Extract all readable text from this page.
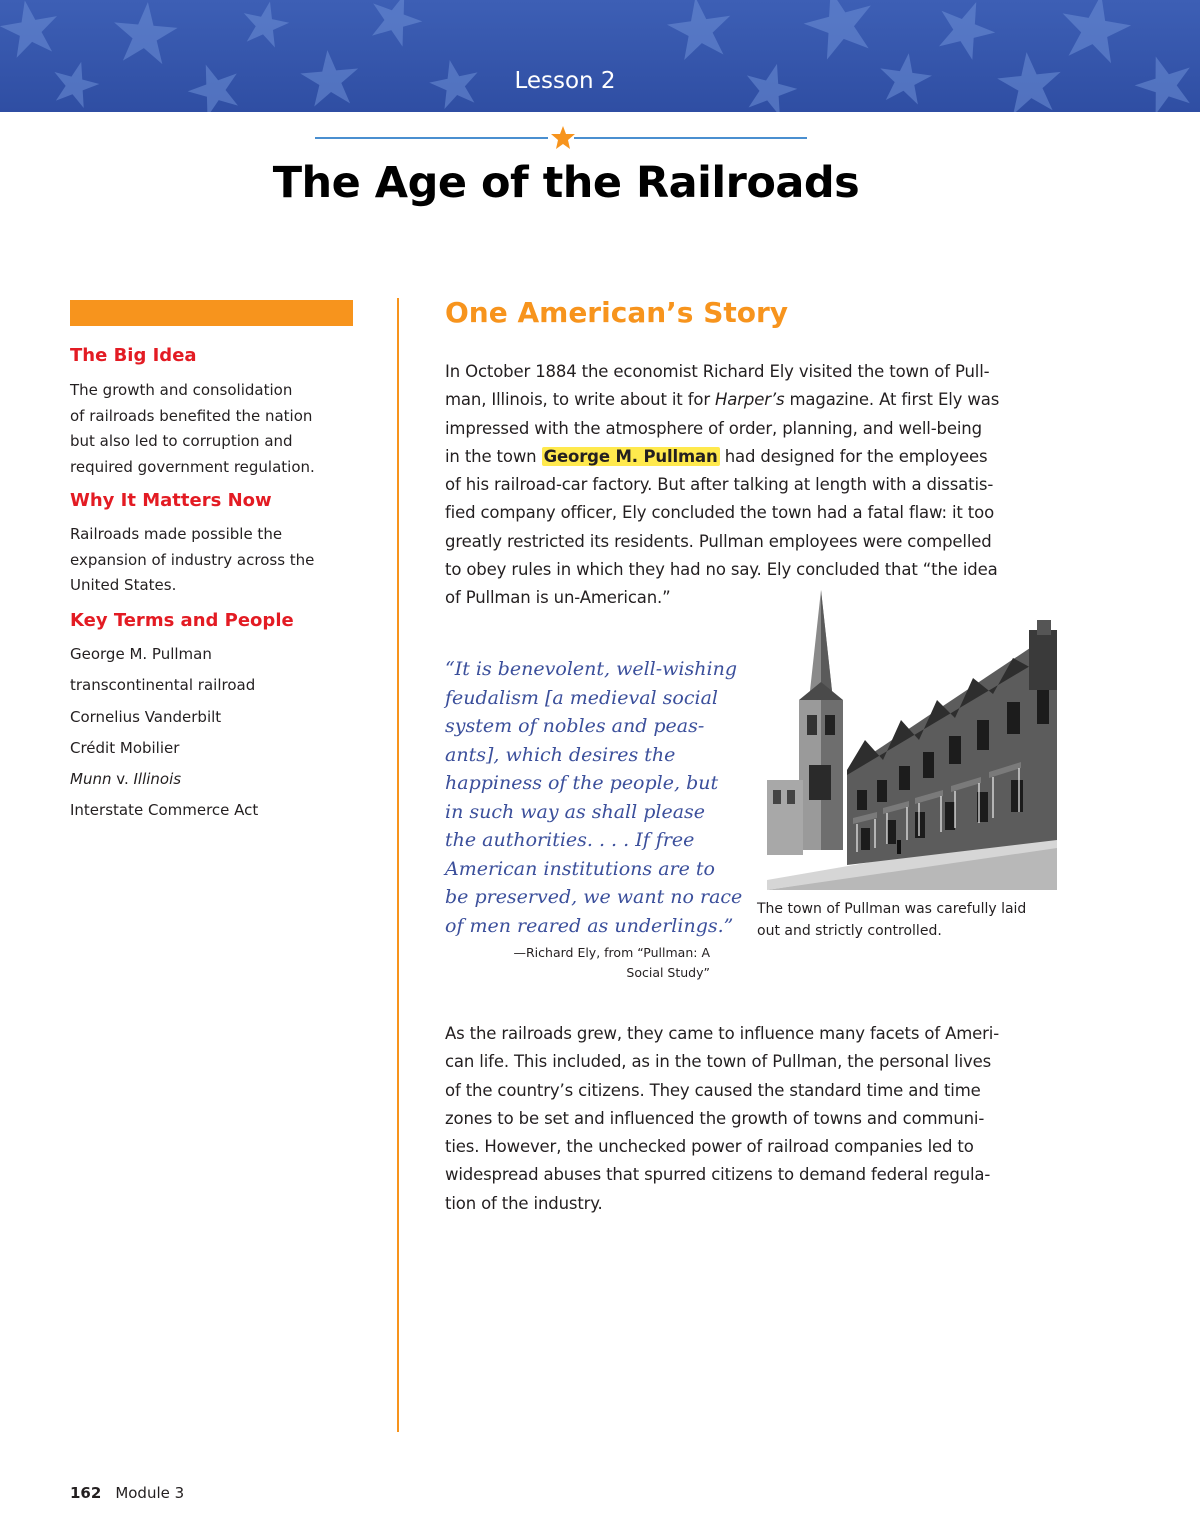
Lesson 2
The Age of the Railroads
The Big Idea
The growth and consolidation
of railroads benefited the nation
but also led to corruption and
required government regulation.
Why It Matters Now
Railroads made possible the
expansion of industry across the
United States.
Key Terms and People
George M. Pullman
transcontinental railroad
Cornelius Vanderbilt
Crédit Mobilier
Munn v. Illinois
Interstate Commerce Act
One American’s Story
In October 1884 the economist Richard Ely visited the town of Pull-
man, Illinois, to write about it for Harper’s magazine. At first Ely was
impressed with the atmosphere of order, planning, and well-being
in the town George M. Pullman had designed for the employees
of his railroad-car factory. But after talking at length with a dissatis-
fied company officer, Ely concluded the town had a fatal flaw: it too
greatly restricted its residents. Pullman employees were compelled
to obey rules in which they had no say. Ely concluded that “the idea
of Pullman is un-American.”
“It is benevolent, well-wishing
feudalism [a medieval social
system of nobles and peas-
ants], which desires the
happiness of the people, but
in such way as shall please
the authorities. . . . If free
American institutions are to
be preserved, we want no race
of men reared as underlings.”
—Richard Ely, from “Pullman: A
Social Study”
The town of Pullman was carefully laid
out and strictly controlled.
As the railroads grew, they came to influence many facets of Ameri-
can life. This included, as in the town of Pullman, the personal lives
of the country’s citizens. They caused the standard time and time
zones to be set and influenced the growth of towns and communi-
ties. However, the unchecked power of railroad companies led to
widespread abuses that spurred citizens to demand federal regula-
tion of the industry.
162 Module 3
